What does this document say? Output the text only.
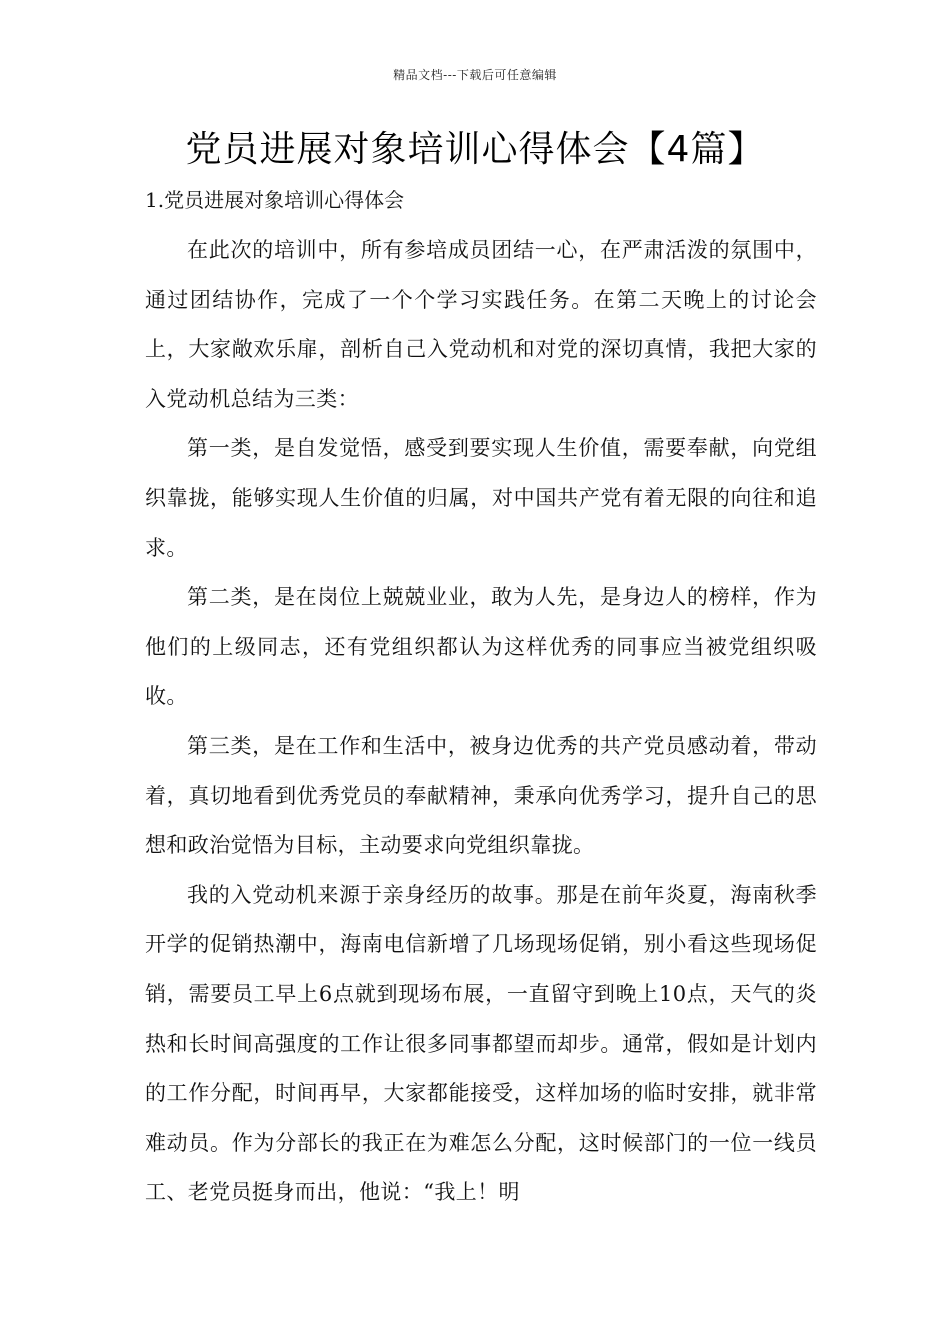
精品文档---下载后可任意编辑
党员进展对象培训心得体会【4篇】
1.党员进展对象培训心得体会

在此次的培训中，所有参培成员团结一心，在严肃活泼的氛围中，通过团结协作，完成了一个个学习实践任务。在第二天晚上的讨论会上，大家敞欢乐扉，剖析自己入党动机和对党的深切真情，我把大家的入党动机总结为三类：

第一类，是自发觉悟，感受到要实现人生价值，需要奉献，向党组织靠拢，能够实现人生价值的归属，对中国共产党有着无限的向往和追求。

第二类，是在岗位上兢兢业业，敢为人先，是身边人的榜样，作为他们的上级同志，还有党组织都认为这样优秀的同事应当被党组织吸收。

第三类，是在工作和生活中，被身边优秀的共产党员感动着，带动着，真切地看到优秀党员的奉献精神，秉承向优秀学习，提升自己的思想和政治觉悟为目标，主动要求向党组织靠拢。

我的入党动机来源于亲身经历的故事。那是在前年炎夏，海南秋季开学的促销热潮中，海南电信新增了几场现场促销，别小看这些现场促销，需要员工早上6点就到现场布展，一直留守到晚上10点，天气的炎热和长时间高强度的工作让很多同事都望而却步。通常，假如是计划内的工作分配，时间再早，大家都能接受，这样加场的临时安排，就非常难动员。作为分部长的我正在为难怎么分配，这时候部门的一位一线员工、老党员挺身而出，他说：“我上！明
